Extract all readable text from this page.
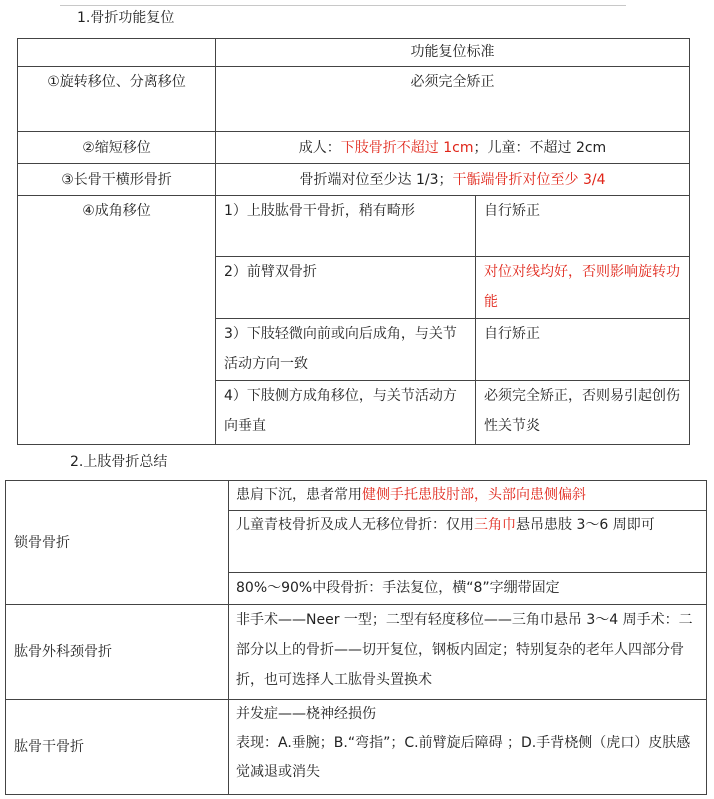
1.骨折功能复位
	功能复位标准	
①旋转移位、分离移位	必须完全矫正	
②缩短移位	成人：下肢骨折不超过 1cm；儿童：不超过 2cm	
③长骨干横形骨折	骨折端对位至少达 1/3；干骺端骨折对位至少 3/4	
④成角移位	1）上肢肱骨干骨折，稍有畸形	自行矫正
	2）前臂双骨折	对位对线均好，否则影响旋转功能
	3）下肢轻微向前或向后成角，与关节活动方向一致	自行矫正
	4）下肢侧方成角移位，与关节活动方向垂直	必须完全矫正，否则易引起创伤性关节炎
2.上肢骨折总结
锁骨骨折	患肩下沉，患者常用健侧手托患肢肘部，头部向患侧偏斜
	儿童青枝骨折及成人无移位骨折：仅用三角巾悬吊患肢 3～6 周即可
	80%～90%中段骨折：手法复位，横“8”字绷带固定
肱骨外科颈骨折	非手术——Neer 一型；二型有轻度移位——三角巾悬吊 3～4 周手术：二部分以上的骨折——切开复位，钢板内固定；特别复杂的老年人四部分骨折，也可选择人工肱骨头置换术
肱骨干骨折	并发症——桡神经损伤
表现：A.垂腕；B.“弯指”；C.前臂旋后障碍 ；D.手背桡侧（虎口）皮肤感觉减退或消失
